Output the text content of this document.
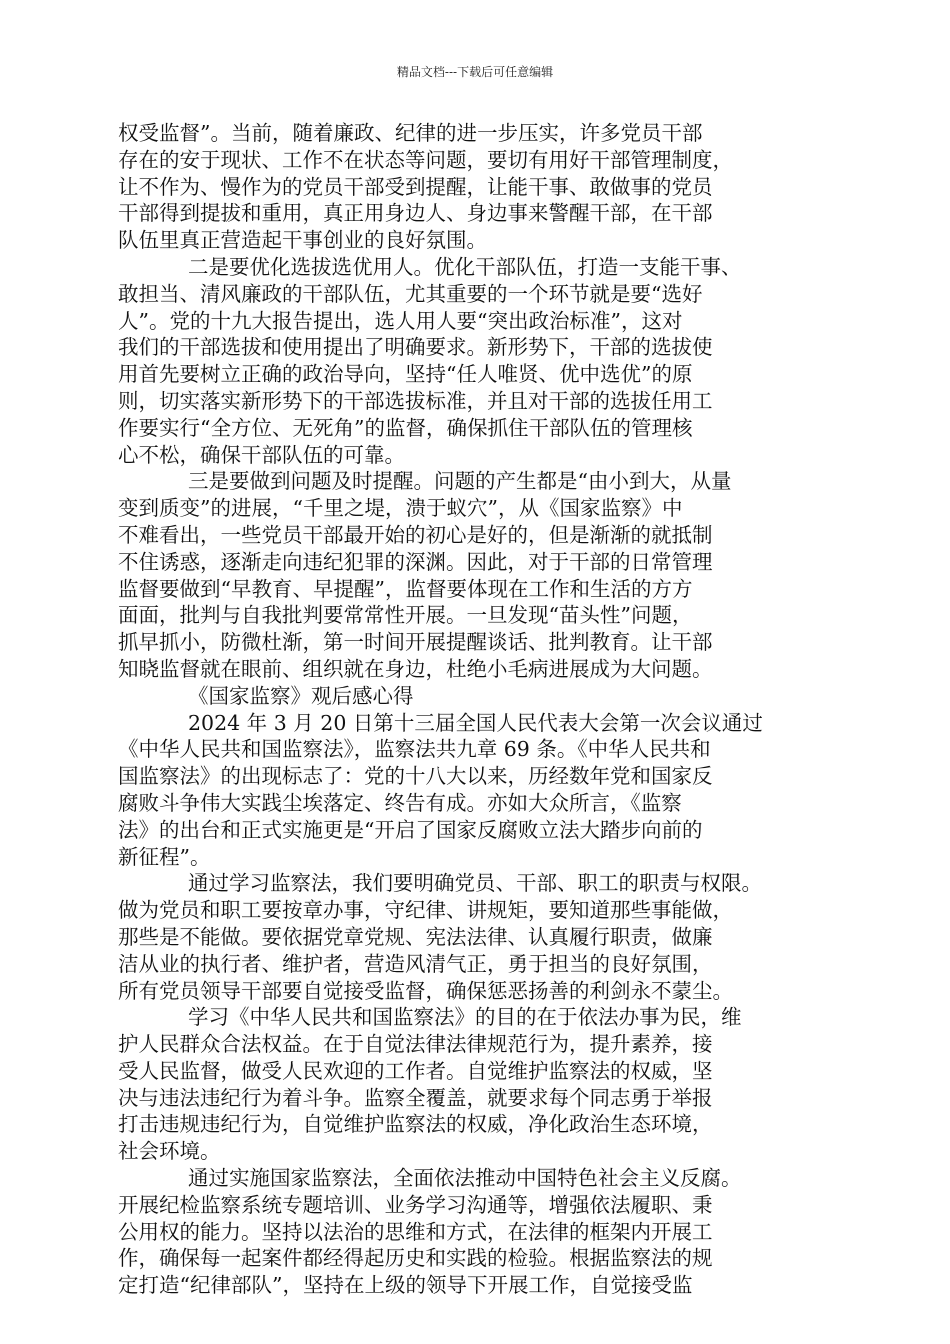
精品文档---下载后可任意编辑
权受监督”。当前，随着廉政、纪律的进一步压实，许多党员干部
存在的安于现状、工作不在状态等问题，要切有用好干部管理制度，
让不作为、慢作为的党员干部受到提醒，让能干事、敢做事的党员
干部得到提拔和重用，真正用身边人、身边事来警醒干部，在干部
队伍里真正营造起干事创业的良好氛围。
二是要优化选拔选优用人。优化干部队伍，打造一支能干事、
敢担当、清风廉政的干部队伍，尤其重要的一个环节就是要“选好
人”。党的十九大报告提出，选人用人要“突出政治标准”，这对
我们的干部选拔和使用提出了明确要求。新形势下，干部的选拔使
用首先要树立正确的政治导向，坚持“任人唯贤、优中选优”的原
则，切实落实新形势下的干部选拔标准，并且对干部的选拔任用工
作要实行“全方位、无死角”的监督，确保抓住干部队伍的管理核
心不松，确保干部队伍的可靠。
三是要做到问题及时提醒。问题的产生都是“由小到大，从量
变到质变”的进展，“千里之堤，溃于蚁穴”，从《国家监察》中
不难看出，一些党员干部最开始的初心是好的，但是渐渐的就抵制
不住诱惑，逐渐走向违纪犯罪的深渊。因此，对于干部的日常管理
监督要做到“早教育、早提醒”，监督要体现在工作和生活的方方
面面，批判与自我批判要常常性开展。一旦发现“苗头性”问题，
抓早抓小，防微杜渐，第一时间开展提醒谈话、批判教育。让干部
知晓监督就在眼前、组织就在身边，杜绝小毛病进展成为大问题。
《国家监察》观后感心得
2024 年 3 月 20 日第十三届全国人民代表大会第一次会议通过
《中华人民共和国监察法》，监察法共九章 69 条。《中华人民共和
国监察法》的出现标志了：党的十八大以来，历经数年党和国家反
腐败斗争伟大实践尘埃落定、终告有成。亦如大众所言，《监察
法》的出台和正式实施更是“开启了国家反腐败立法大踏步向前的
新征程”。
通过学习监察法，我们要明确党员、干部、职工的职责与权限。
做为党员和职工要按章办事，守纪律、讲规矩，要知道那些事能做，
那些是不能做。要依据党章党规、宪法法律、认真履行职责，做廉
洁从业的执行者、维护者，营造风清气正，勇于担当的良好氛围，
所有党员领导干部要自觉接受监督，确保惩恶扬善的利剑永不蒙尘。
学习《中华人民共和国监察法》的目的在于依法办事为民，维
护人民群众合法权益。在于自觉法律法律规范行为，提升素养，接
受人民监督，做受人民欢迎的工作者。自觉维护监察法的权威，坚
决与违法违纪行为着斗争。监察全覆盖，就要求每个同志勇于举报
打击违规违纪行为，自觉维护监察法的权威，净化政治生态环境，
社会环境。
通过实施国家监察法，全面依法推动中国特色社会主义反腐。
开展纪检监察系统专题培训、业务学习沟通等，增强依法履职、秉
公用权的能力。坚持以法治的思维和方式，在法律的框架内开展工
作，确保每一起案件都经得起历史和实践的检验。根据监察法的规
定打造“纪律部队”，坚持在上级的领导下开展工作，自觉接受监
